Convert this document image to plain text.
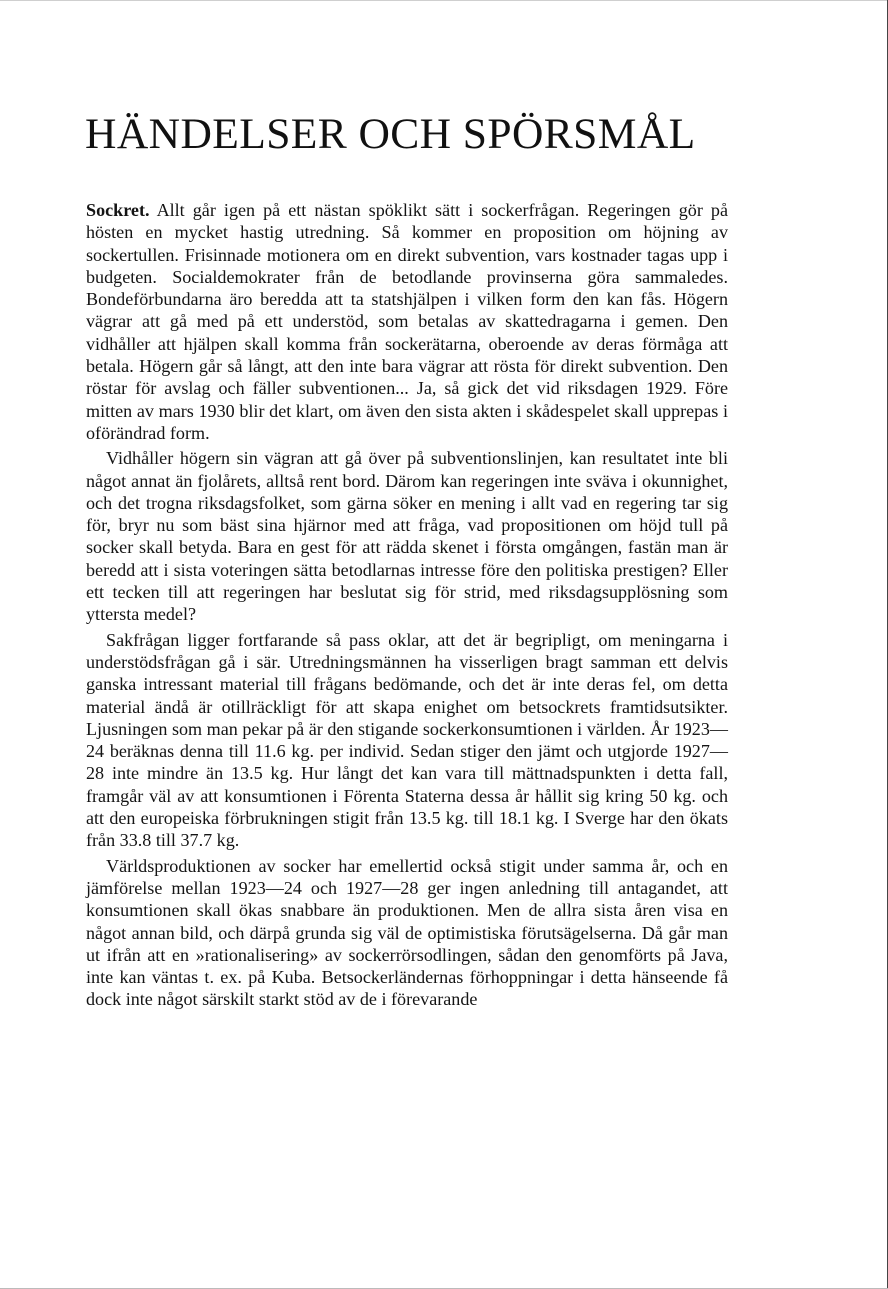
HÄNDELSER OCH SPÖRSMÅL

Sockret. Allt går igen på ett nästan spöklikt sätt i sockerfrågan. Regeringen gör på hösten en mycket hastig utredning. Så kommer en proposition om höjning av sockertullen. Frisinnade motionera om en direkt subvention, vars kostnader tagas upp i budgeten. Socialdemokrater från de betodlande provinserna göra sammaledes. Bondeförbundarna äro beredda att ta statshjälpen i vilken form den kan fås. Högern vägrar att gå med på ett understöd, som betalas av skattedragarna i gemen. Den vidhåller att hjälpen skall komma från sockerätarna, oberoende av deras förmåga att betala. Högern går så långt, att den inte bara vägrar att rösta för direkt subvention. Den röstar för avslag och fäller subventionen... Ja, så gick det vid riksdagen 1929. Före mitten av mars 1930 blir det klart, om även den sista akten i skådespelet skall upprepas i oförändrad form.

Vidhåller högern sin vägran att gå över på subventionslinjen, kan resultatet inte bli något annat än fjolårets, alltså rent bord. Därom kan regeringen inte sväva i okunnighet, och det trogna riksdagsfolket, som gärna söker en mening i allt vad en regering tar sig för, bryr nu som bäst sina hjärnor med att fråga, vad propositionen om höjd tull på socker skall betyda. Bara en gest för att rädda skenet i första omgången, fastän man är beredd att i sista voteringen sätta betodlarnas intresse före den politiska prestigen? Eller ett tecken till att regeringen har beslutat sig för strid, med riksdagsupplösning som yttersta medel?

Sakfrågan ligger fortfarande så pass oklar, att det är begripligt, om meningarna i understödsfrågan gå i sär. Utredningsmännen ha visserligen bragt samman ett delvis ganska intressant material till frågans bedömande, och det är inte deras fel, om detta material ändå är otillräckligt för att skapa enighet om betsockrets framtidsutsikter. Ljusningen som man pekar på är den stigande sockerkonsumtionen i världen. År 1923—24 beräknas denna till 11.6 kg. per individ. Sedan stiger den jämt och utgjorde 1927—28 inte mindre än 13.5 kg. Hur långt det kan vara till mättnadspunkten i detta fall, framgår väl av att konsumtionen i Förenta Staterna dessa år hållit sig kring 50 kg. och att den europeiska förbrukningen stigit från 13.5 kg. till 18.1 kg. I Sverge har den ökats från 33.8 till 37.7 kg.

Världsproduktionen av socker har emellertid också stigit under samma år, och en jämförelse mellan 1923—24 och 1927—28 ger ingen anledning till antagandet, att konsumtionen skall ökas snabbare än produktionen. Men de allra sista åren visa en något annan bild, och därpå grunda sig väl de optimistiska förutsägelserna. Då går man ut ifrån att en »rationalisering» av sockerrörsodlingen, sådan den genomförts på Java, inte kan väntas t. ex. på Kuba. Betsockerländernas förhoppningar i detta hänseende få dock inte något särskilt starkt stöd av de i förevarande
